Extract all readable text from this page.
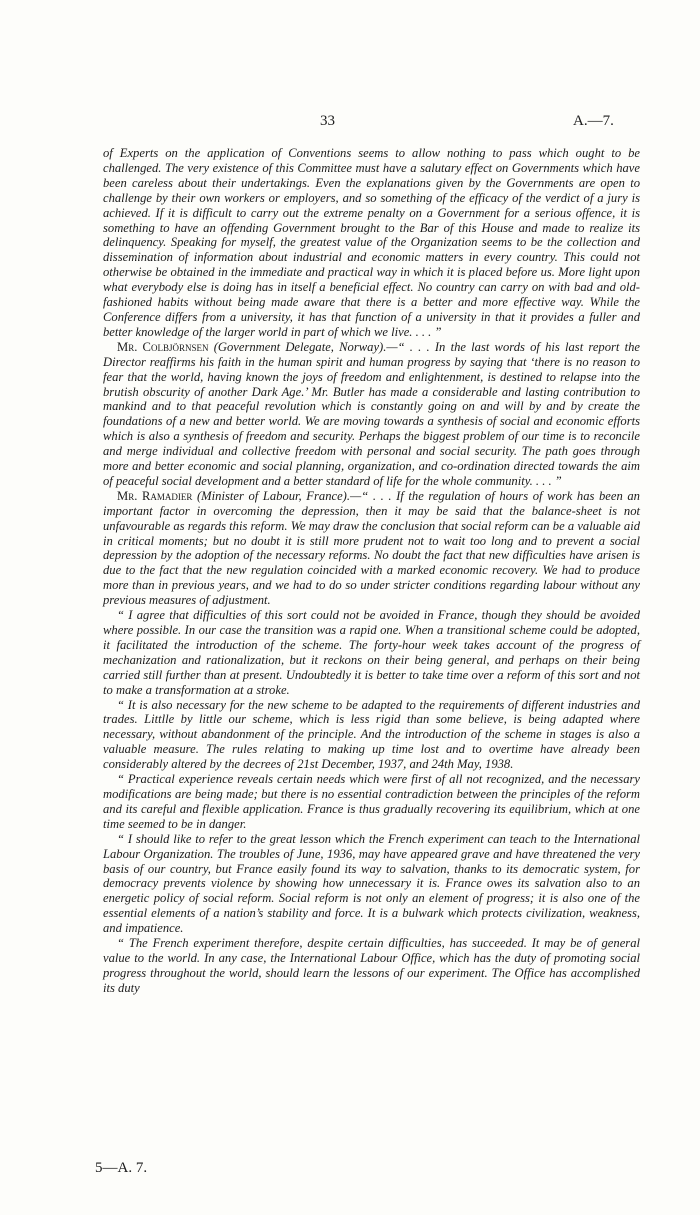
33	A.—7.

of Experts on the application of Conventions seems to allow nothing to pass which ought to be challenged. The very existence of this Committee must have a salutary effect on Governments which have been careless about their undertakings. Even the explanations given by the Governments are open to challenge by their own workers or employers, and so something of the efficacy of the verdict of a jury is achieved. If it is difficult to carry out the extreme penalty on a Government for a serious offence, it is something to have an offending Government brought to the Bar of this House and made to realize its delinquency. Speaking for myself, the greatest value of the Organization seems to be the collection and dissemination of information about industrial and economic matters in every country. This could not otherwise be obtained in the immediate and practical way in which it is placed before us. More light upon what everybody else is doing has in itself a beneficial effect. No country can carry on with bad and old-fashioned habits without being made aware that there is a better and more effective way. While the Conference differs from a university, it has that function of a university in that it provides a fuller and better knowledge of the larger world in part of which we live. . . . ”

Mr. Colbjörnsen (Government Delegate, Norway).—“ . . . In the last words of his last report the Director reaffirms his faith in the human spirit and human progress by saying that ‘there is no reason to fear that the world, having known the joys of freedom and enlightenment, is destined to relapse into the brutish obscurity of another Dark Age.’ Mr. Butler has made a considerable and lasting contribution to mankind and to that peaceful revolution which is constantly going on and will by and by create the foundations of a new and better world. We are moving towards a synthesis of social and economic efforts which is also a synthesis of freedom and security. Perhaps the biggest problem of our time is to reconcile and merge individual and collective freedom with personal and social security. The path goes through more and better economic and social planning, organization, and co-ordination directed towards the aim of peaceful social development and a better standard of life for the whole community. . . . ”

Mr. Ramadier (Minister of Labour, France).—“ . . . If the regulation of hours of work has been an important factor in overcoming the depression, then it may be said that the balance-sheet is not unfavourable as regards this reform. We may draw the conclusion that social reform can be a valuable aid in critical moments; but no doubt it is still more prudent not to wait too long and to prevent a social depression by the adoption of the necessary reforms. No doubt the fact that new difficulties have arisen is due to the fact that the new regulation coincided with a marked economic recovery. We had to produce more than in previous years, and we had to do so under stricter conditions regarding labour without any previous measures of adjustment.

“ I agree that difficulties of this sort could not be avoided in France, though they should be avoided where possible. In our case the transition was a rapid one. When a transitional scheme could be adopted, it facilitated the introduction of the scheme. The forty-hour week takes account of the progress of mechanization and rationalization, but it reckons on their being general, and perhaps on their being carried still further than at present. Undoubtedly it is better to take time over a reform of this sort and not to make a transformation at a stroke.

“ It is also necessary for the new scheme to be adapted to the requirements of different industries and trades. Littlle by little our scheme, which is less rigid than some believe, is being adapted where necessary, without abandonment of the principle. And the introduction of the scheme in stages is also a valuable measure. The rules relating to making up time lost and to overtime have already been considerably altered by the decrees of 21st December, 1937, and 24th May, 1938.

“ Practical experience reveals certain needs which were first of all not recognized, and the necessary modifications are being made; but there is no essential contradiction between the principles of the reform and its careful and flexible application. France is thus gradually recovering its equilibrium, which at one time seemed to be in danger.

“ I should like to refer to the great lesson which the French experiment can teach to the International Labour Organization. The troubles of June, 1936, may have appeared grave and have threatened the very basis of our country, but France easily found its way to salvation, thanks to its democratic system, for democracy prevents violence by showing how unnecessary it is. France owes its salvation also to an energetic policy of social reform. Social reform is not only an element of progress; it is also one of the essential elements of a nation’s stability and force. It is a bulwark which protects civilization, weakness, and impatience.

“ The French experiment therefore, despite certain difficulties, has succeeded. It may be of general value to the world. In any case, the International Labour Office, which has the duty of promoting social progress throughout the world, should learn the lessons of our experiment. The Office has accomplished its duty

5—A. 7.
